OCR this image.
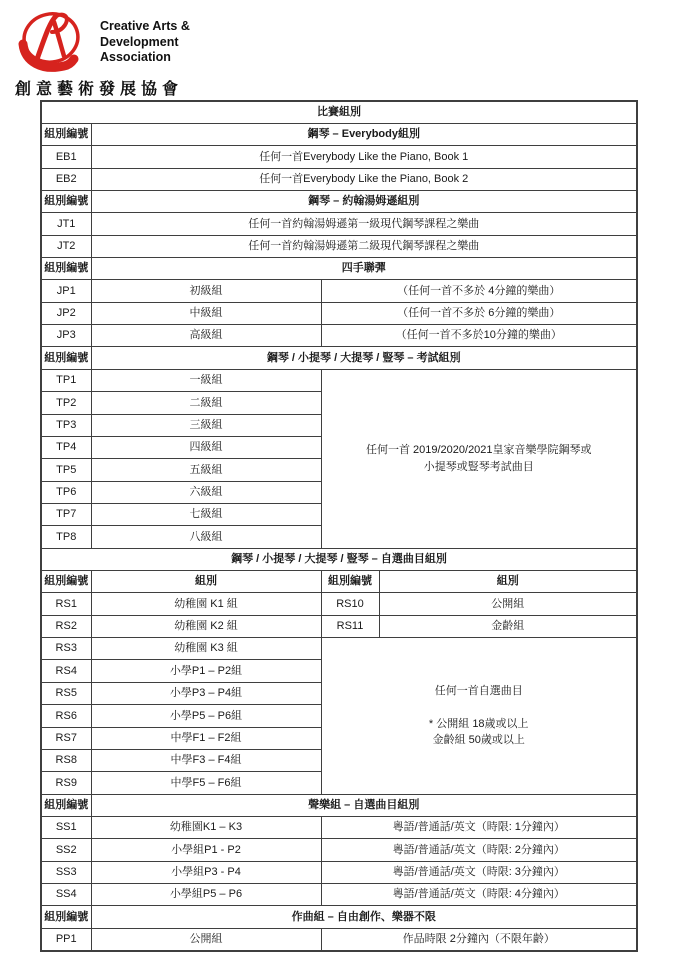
Creative Arts &
Development
Association
創意藝術發展協會
比賽組別			
組別編號	鋼琴 – Everybody組別		
EB1	任何一首Everybody Like the Piano, Book 1		
EB2	任何一首Everybody Like the Piano, Book 2		
組別編號	鋼琴 – 約翰湯姆遜組別		
JT1	任何一首約翰湯姆遜第一級現代鋼琴課程之樂曲		
JT2	任何一首約翰湯姆遜第二級現代鋼琴課程之樂曲		
組別編號	四手聯彈		
JP1	初級組	（任何一首不多於 4分鐘的樂曲）	
JP2	中級組	（任何一首不多於 6分鐘的樂曲）	
JP3	高級組	（任何一首不多於10分鐘的樂曲）	
組別編號	鋼琴 / 小提琴 / 大提琴 / 豎琴 – 考試組別		
TP1	一級組	任何一首 2019/2020/2021皇家音樂學院鋼琴或
小提琴或豎琴考試曲目	

TP2	二級組		
TP3	三級組		
TP4	四級組		
TP5	五級組		
TP6	六級組		
TP7	七級組		
TP8	八級組		
鋼琴 / 小提琴 / 大提琴 / 豎琴 – 自選曲目組別			
組別編號	組別	組別編號	組別
RS1	幼稚園 K1 組	RS10	公開組
RS2	幼稚園 K2 組	RS11	金齡組
RS3	幼稚園 K3 組	任何一首自選曲目

* 公開組 18歲或以上
金齡組 50歲或以上	

RS4	小學P1 – P2組		
RS5	小學P3 – P4組		
RS6	小學P5 – P6組		
RS7	中學F1 – F2組		
RS8	中學F3 – F4組		
RS9	中學F5 – F6組		
組別編號	聲樂組 – 自選曲目組別		
SS1	幼稚園K1 – K3	粵語/普通話/英文（時限: 1分鐘內）	
SS2	小學組P1 - P2	粵語/普通話/英文（時限: 2分鐘內）	
SS3	小學組P3 - P4	粵語/普通話/英文（時限: 3分鐘內）	
SS4	小學組P5 – P6	粵語/普通話/英文（時限: 4分鐘內）	
組別編號	作曲組 – 自由創作、樂器不限		
PP1	公開組	作品時限 2分鐘內（不限年齡）	
